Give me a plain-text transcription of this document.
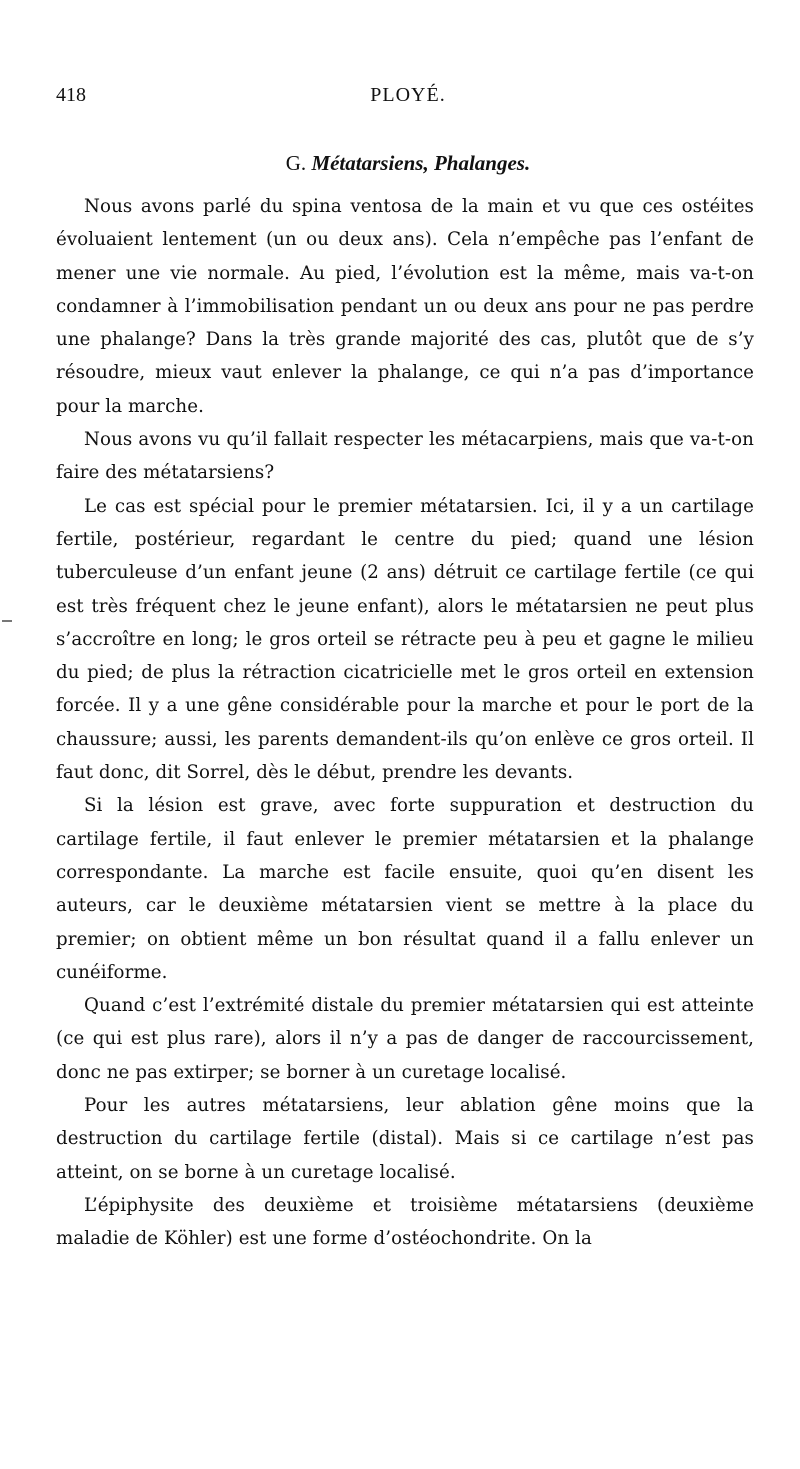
418	PLOYÉ.
G. Métatarsiens, Phalanges.

Nous avons parlé du spina ventosa de la main et vu que ces ostéites évoluaient lentement (un ou deux ans). Cela n’empêche pas l’enfant de mener une vie normale. Au pied, l’évolution est la même, mais va-t-on condamner à l’immobilisation pendant un ou deux ans pour ne pas perdre une phalange? Dans la très grande majorité des cas, plutôt que de s’y résoudre, mieux vaut enlever la phalange, ce qui n’a pas d’importance pour la marche.

Nous avons vu qu’il fallait respecter les métacarpiens, mais que va-t-on faire des métatarsiens?

Le cas est spécial pour le premier métatarsien. Ici, il y a un cartilage fertile, postérieur, regardant le centre du pied; quand une lésion tuberculeuse d’un enfant jeune (2 ans) détruit ce cartilage fertile (ce qui est très fréquent chez le jeune enfant), alors le métatarsien ne peut plus s’accroître en long; le gros orteil se rétracte peu à peu et gagne le milieu du pied; de plus la rétraction cicatricielle met le gros orteil en extension forcée. Il y a une gêne considérable pour la marche et pour le port de la chaussure; aussi, les parents demandent-ils qu’on enlève ce gros orteil. Il faut donc, dit Sorrel, dès le début, prendre les devants.

Si la lésion est grave, avec forte suppuration et destruction du cartilage fertile, il faut enlever le premier métatarsien et la phalange correspondante. La marche est facile ensuite, quoi qu’en disent les auteurs, car le deuxième métatarsien vient se mettre à la place du premier; on obtient même un bon résultat quand il a fallu enlever un cunéiforme.

Quand c’est l’extrémité distale du premier métatarsien qui est atteinte (ce qui est plus rare), alors il n’y a pas de danger de raccourcissement, donc ne pas extirper; se borner à un curetage localisé.

Pour les autres métatarsiens, leur ablation gêne moins que la destruction du cartilage fertile (distal). Mais si ce cartilage n’est pas atteint, on se borne à un curetage localisé.

L’épiphysite des deuxième et troisième métatarsiens (deuxième maladie de Köhler) est une forme d’ostéochondrite. On la
